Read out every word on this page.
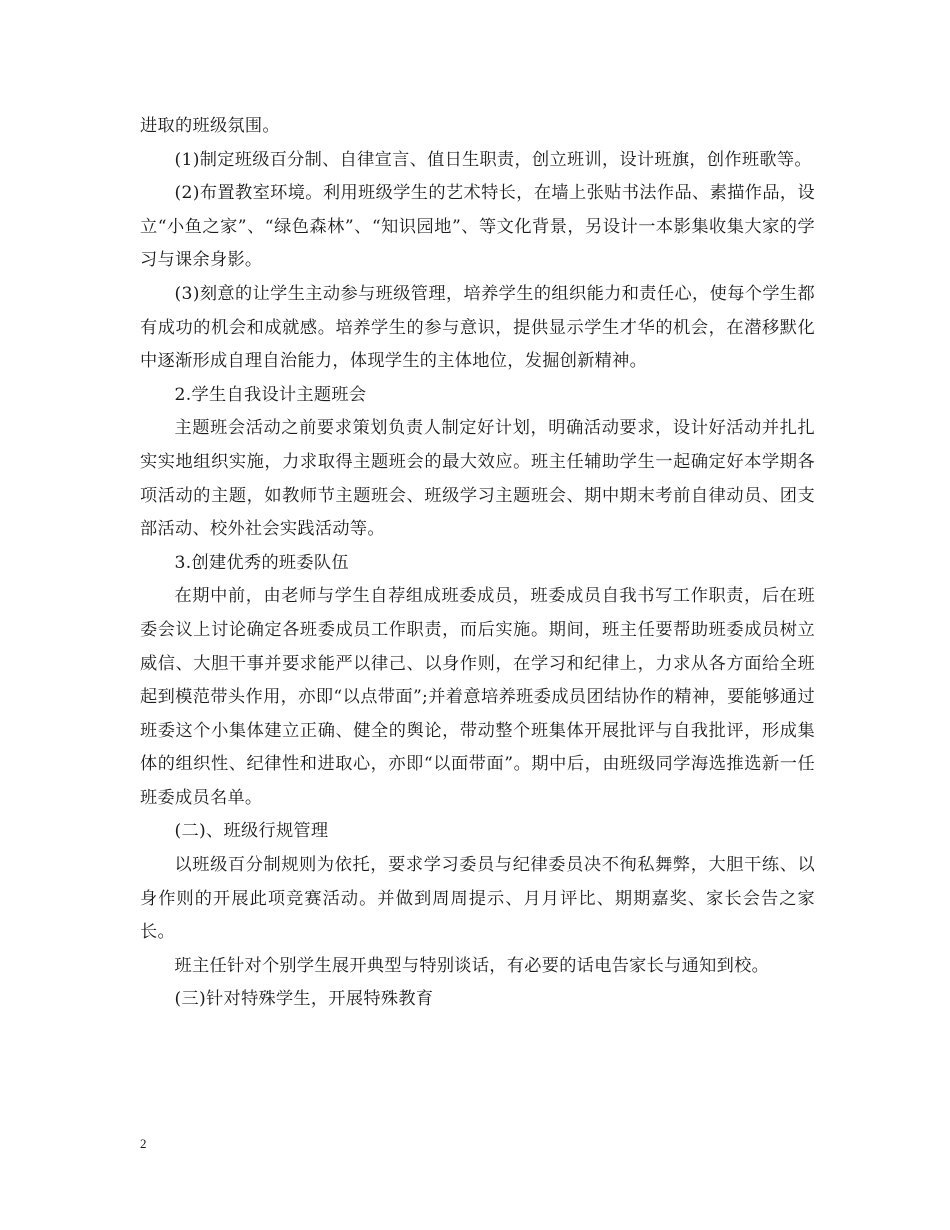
进取的班级氛围。

(1)制定班级百分制、自律宣言、值日生职责，创立班训，设计班旗，创作班歌等。

(2)布置教室环境。利用班级学生的艺术特长，在墙上张贴书法作品、素描作品，设立“小鱼之家”、“绿色森林”、“知识园地”、等文化背景，另设计一本影集收集大家的学习与课余身影。

(3)刻意的让学生主动参与班级管理，培养学生的组织能力和责任心，使每个学生都有成功的机会和成就感。培养学生的参与意识，提供显示学生才华的机会，在潜移默化中逐渐形成自理自治能力，体现学生的主体地位，发掘创新精神。

2.学生自我设计主题班会

主题班会活动之前要求策划负责人制定好计划，明确活动要求，设计好活动并扎扎实实地组织实施，力求取得主题班会的最大效应。班主任辅助学生一起确定好本学期各项活动的主题，如教师节主题班会、班级学习主题班会、期中期末考前自律动员、团支部活动、校外社会实践活动等。

3.创建优秀的班委队伍

在期中前，由老师与学生自荐组成班委成员，班委成员自我书写工作职责，后在班委会议上讨论确定各班委成员工作职责，而后实施。期间，班主任要帮助班委成员树立威信、大胆干事并要求能严以律己、以身作则，在学习和纪律上，力求从各方面给全班起到模范带头作用，亦即“以点带面”;并着意培养班委成员团结协作的精神，要能够通过班委这个小集体建立正确、健全的舆论，带动整个班集体开展批评与自我批评，形成集体的组织性、纪律性和进取心，亦即“以面带面”。期中后，由班级同学海选推选新一任班委成员名单。

(二)、班级行规管理

以班级百分制规则为依托，要求学习委员与纪律委员决不徇私舞弊，大胆干练、以身作则的开展此项竞赛活动。并做到周周提示、月月评比、期期嘉奖、家长会告之家长。

班主任针对个别学生展开典型与特别谈话，有必要的话电告家长与通知到校。

(三)针对特殊学生，开展特殊教育

2
